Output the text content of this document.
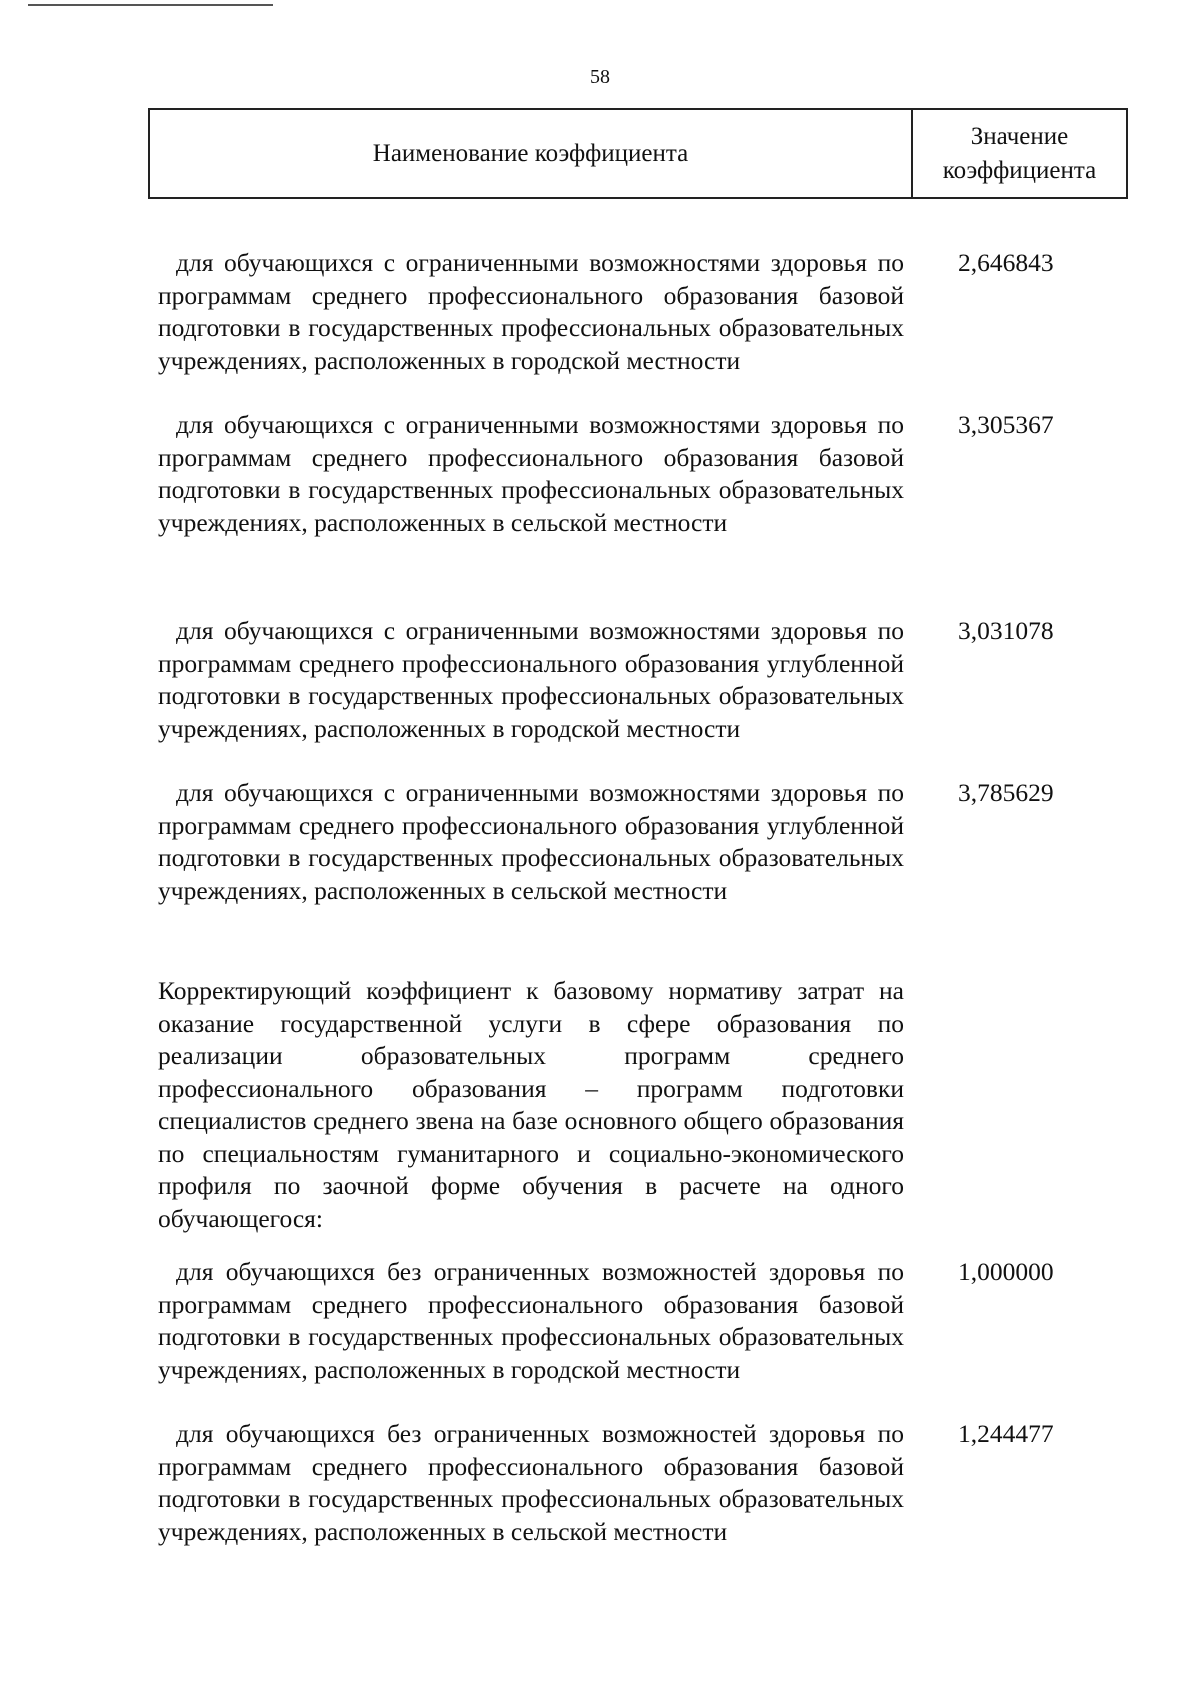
58
Наименование коэффициента
Значение коэффициента
для обучающихся с ограниченными возможностями здоровья по программам среднего профессионального образования базовой подготовки в государственных профессиональных образовательных учреждениях, расположенных в городской местности
2,646843
для обучающихся с ограниченными возможностями здоровья по программам среднего профессионального образования базовой подготовки в государственных профессиональных образовательных учреждениях, расположенных в сельской местности
3,305367
для обучающихся с ограниченными возможностями здоровья по программам среднего профессионального образования углубленной подготовки в государственных профессиональных образовательных учреждениях, расположенных в городской местности
3,031078
для обучающихся с ограниченными возможностями здоровья по программам среднего профессионального образования углубленной подготовки в государственных профессиональных образовательных учреждениях, расположенных в сельской местности
3,785629
Корректирующий коэффициент к базовому нормативу затрат на оказание государственной услуги в сфере образования по реализации образовательных программ среднего профессионального образования – программ подготовки специалистов среднего звена на базе основного общего образования по специальностям гуманитарного и социально-экономического профиля по заочной форме обучения в расчете на одного обучающегося:
для обучающихся без ограниченных возможностей здоровья по программам среднего профессионального образования базовой подготовки в государственных профессиональных образовательных учреждениях, расположенных в городской местности
1,000000
для обучающихся без ограниченных возможностей здоровья по программам среднего профессионального образования базовой подготовки в государственных профессиональных образовательных учреждениях, расположенных в сельской местности
1,244477
